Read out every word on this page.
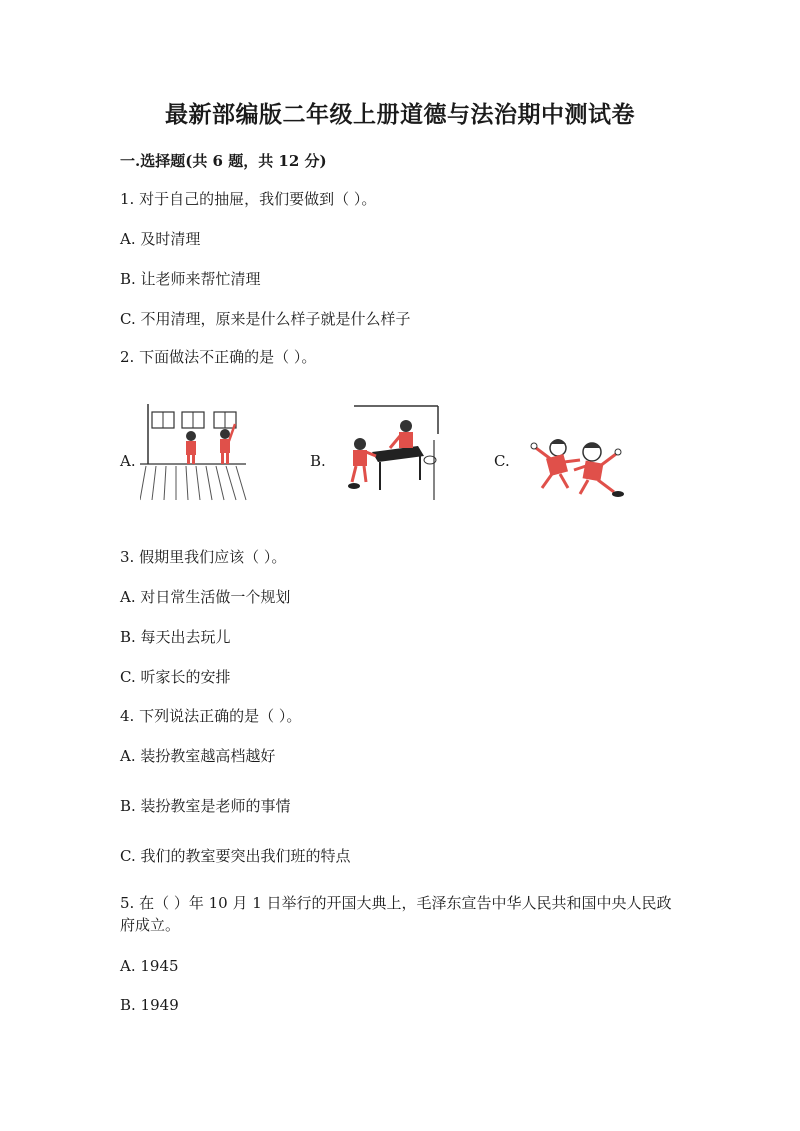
最新部编版二年级上册道德与法治期中测试卷
一.选择题(共 6 题，共 12 分)
1. 对于自己的抽屉，我们要做到（ ）。
A. 及时清理
B. 让老师来帮忙清理
C. 不用清理，原来是什么样子就是什么样子
2. 下面做法不正确的是（ ）。
A.	B.	C.
3. 假期里我们应该（ ）。
A. 对日常生活做一个规划
B. 每天出去玩儿
C. 听家长的安排
4. 下列说法正确的是（ ）。
A. 装扮教室越高档越好
B. 装扮教室是老师的事情
C. 我们的教室要突出我们班的特点
5. 在（ ）年 10 月 1 日举行的开国大典上，毛泽东宣告中华人民共和国中央人民政府成立。
A. 1945
B. 1949
